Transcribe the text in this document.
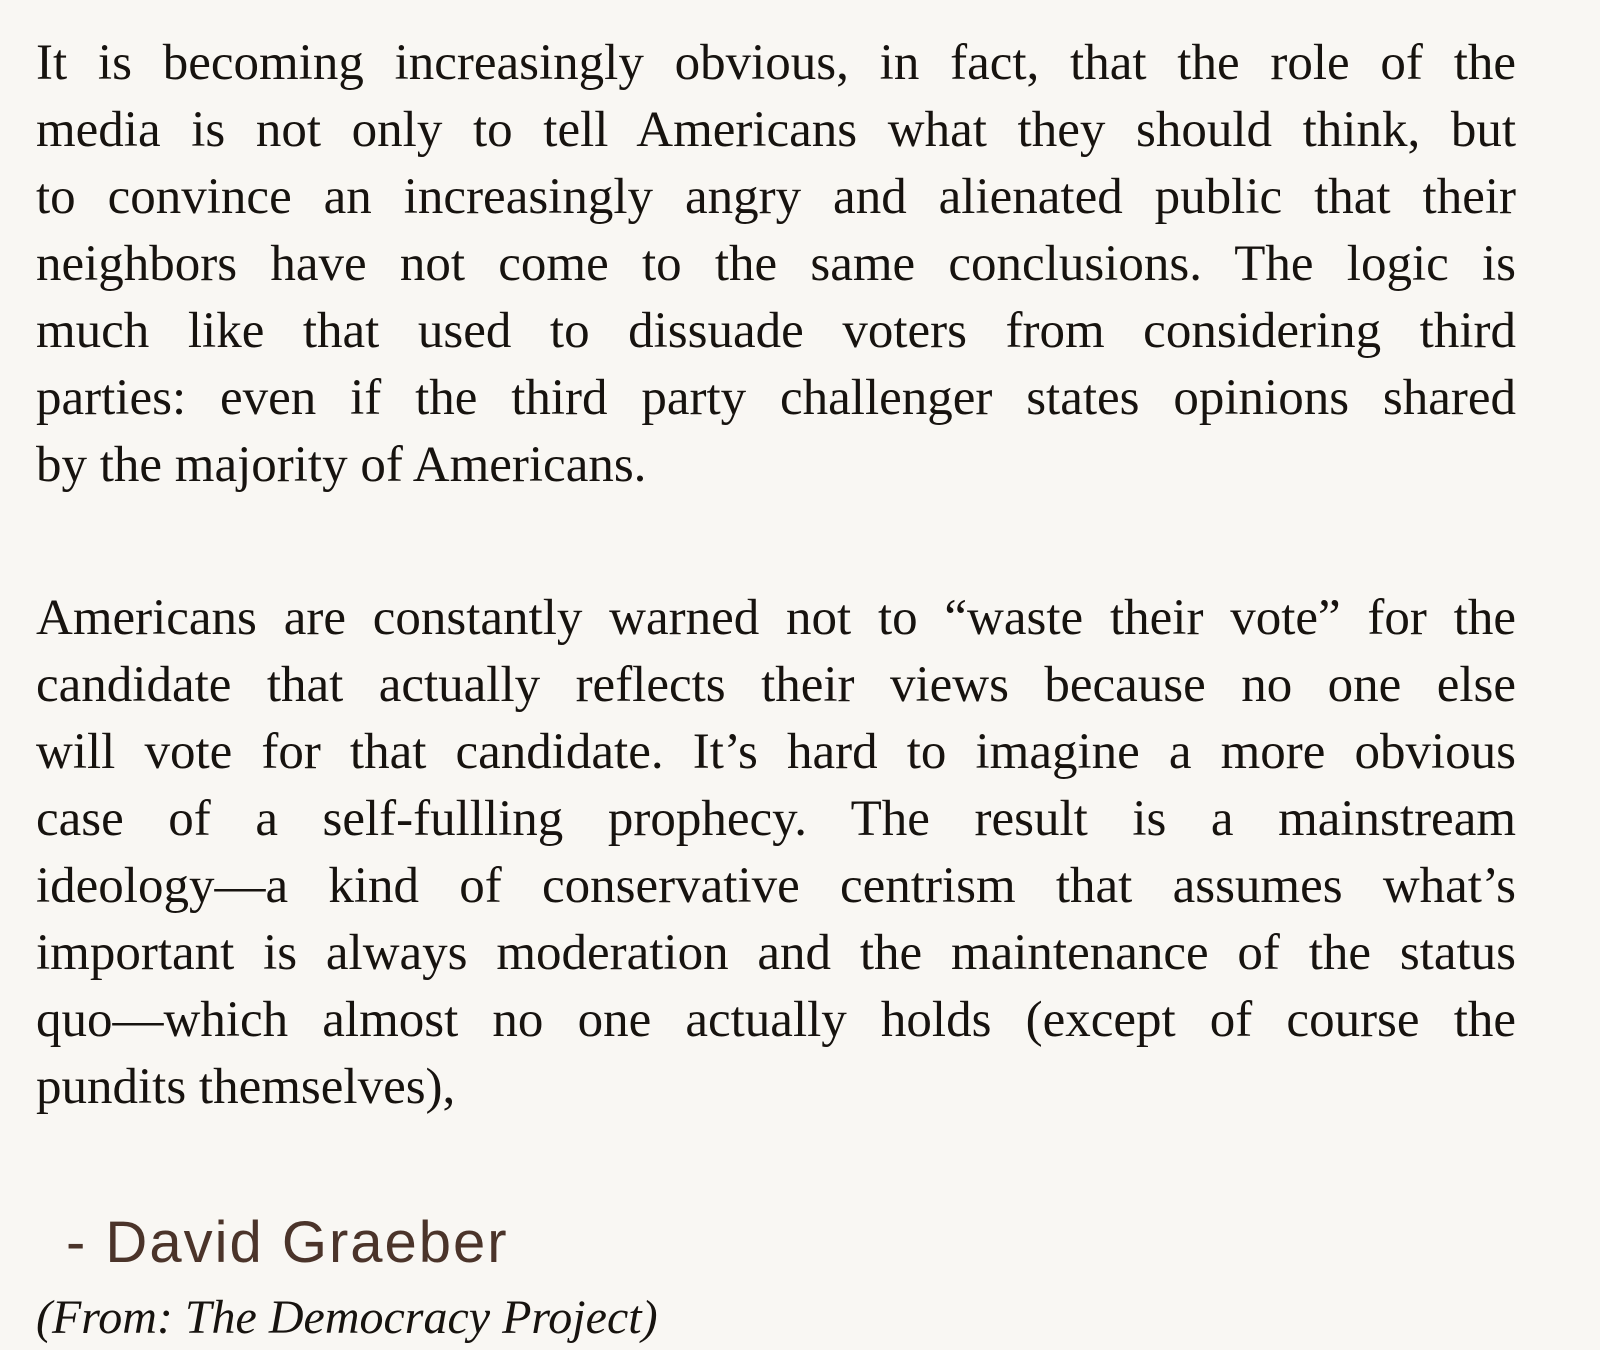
It is becoming increasingly obvious, in fact, that the role of the
media is not only to tell Americans what they should think, but
to convince an increasingly angry and alienated public that their
neighbors have not come to the same conclusions. The logic is
much like that used to dissuade voters from considering third
parties: even if the third party challenger states opinions shared
by the majority of Americans.
Americans are constantly warned not to “waste their vote” for the
candidate that actually reflects their views because no one else
will vote for that candidate. It’s hard to imagine a more obvious
case of a self-fullling prophecy. The result is a mainstream
ideology—a kind of conservative centrism that assumes what’s
important is always moderation and the maintenance of the status
quo—which almost no one actually holds (except of course the
pundits themselves),
- David Graeber
(From: The Democracy Project)
